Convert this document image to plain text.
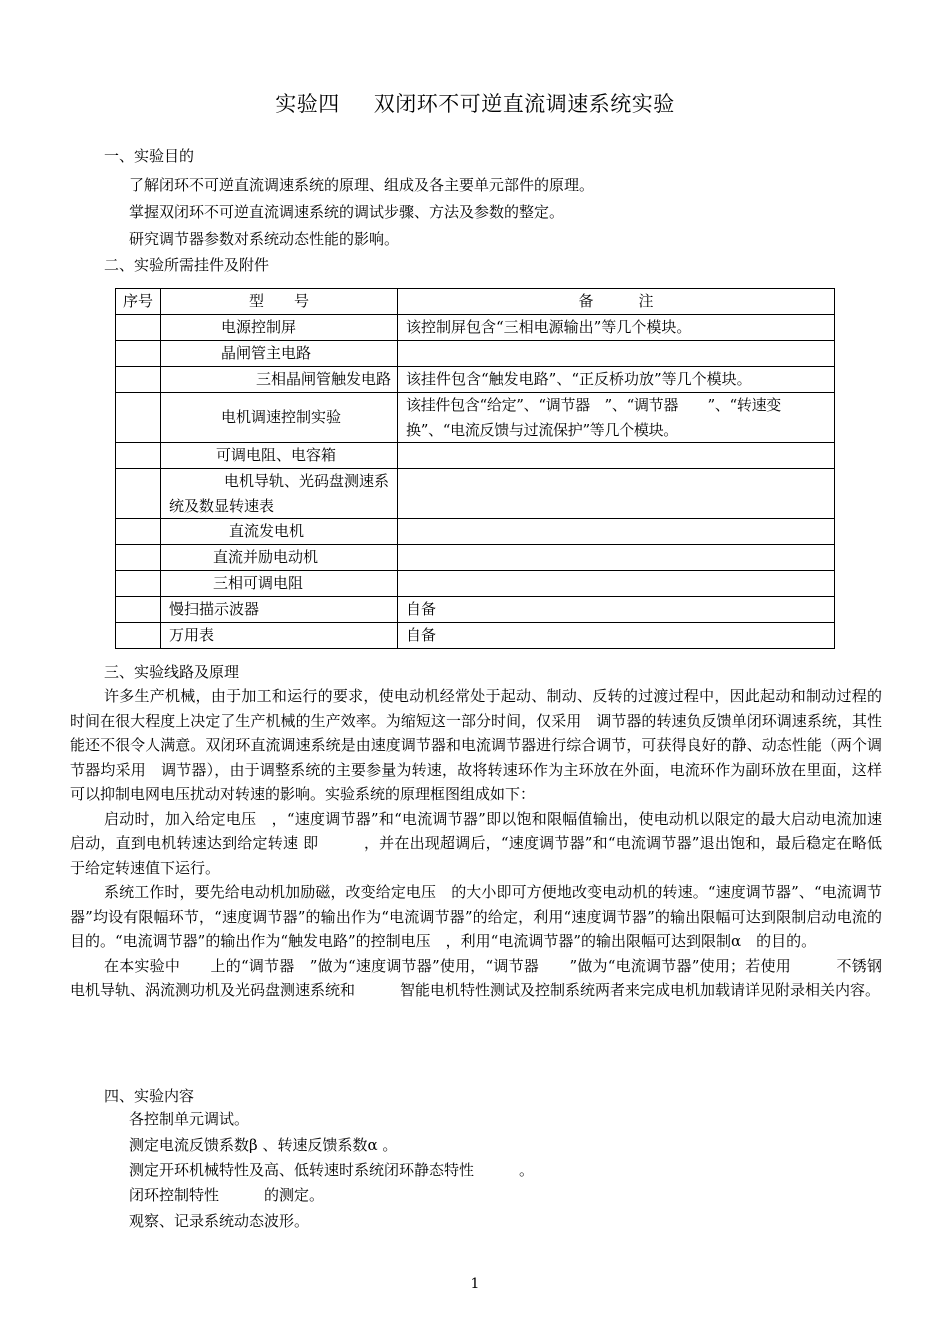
实验四 双闭环不可逆直流调速系统实验
一、实验目的
了解闭环不可逆直流调速系统的原理、组成及各主要单元部件的原理。
掌握双闭环不可逆直流调速系统的调试步骤、方法及参数的整定。
研究调节器参数对系统动态性能的影响。
二、实验所需挂件及附件
序号	型　　号	备　　　注
	电源控制屏	该控制屏包含“三相电源输出”等几个模块。
	晶闸管主电路	
	三相晶闸管触发电路	该挂件包含“触发电路”、“正反桥功放”等几个模块。
	电机调速控制实验	该挂件包含“给定”、“调节器　”、“调节器　　”、“转速变换”、“电流反馈与过流保护”等几个模块。
	可调电阻、电容箱	
	电机导轨、光码盘测速系统及数显转速表	
	直流发电机	
	直流并励电动机	
	三相可调电阻	
	慢扫描示波器	自备
	万用表	自备
三、实验线路及原理

许多生产机械，由于加工和运行的要求，使电动机经常处于起动、制动、反转的过渡过程中，因此起动和制动过程的时间在很大程度上决定了生产机械的生产效率。为缩短这一部分时间，仅采用　调节器的转速负反馈单闭环调速系统，其性能还不很令人满意。双闭环直流调速系统是由速度调节器和电流调节器进行综合调节，可获得良好的静、动态性能（两个调节器均采用　调节器），由于调整系统的主要参量为转速，故将转速环作为主环放在外面，电流环作为副环放在里面，这样可以抑制电网电压扰动对转速的影响。实验系统的原理框图组成如下：

启动时，加入给定电压　，“速度调节器”和“电流调节器”即以饱和限幅值输出，使电动机以限定的最大启动电流加速启动，直到电机转速达到给定转速 即　　　，并在出现超调后，“速度调节器”和“电流调节器”退出饱和，最后稳定在略低于给定转速值下运行。

系统工作时，要先给电动机加励磁，改变给定电压　的大小即可方便地改变电动机的转速。“速度调节器”、“电流调节器”均设有限幅环节，“速度调节器”的输出作为“电流调节器”的给定，利用“速度调节器”的输出限幅可达到限制启动电流的目的。“电流调节器”的输出作为“触发电路”的控制电压　，利用“电流调节器”的输出限幅可达到限制α　的目的。

在本实验中　　上的“调节器　”做为“速度调节器”使用，“调节器　　”做为“电流调节器”使用；若使用　　　不锈钢电机导轨、涡流测功机及光码盘测速系统和　　　智能电机特性测试及控制系统两者来完成电机加载请详见附录相关内容。

四、实验内容
各控制单元调试。
测定电流反馈系数β 、转速反馈系数α 。
测定开环机械特性及高、低转速时系统闭环静态特性　　　。
闭环控制特性　　　的测定。
观察、记录系统动态波形。
1
